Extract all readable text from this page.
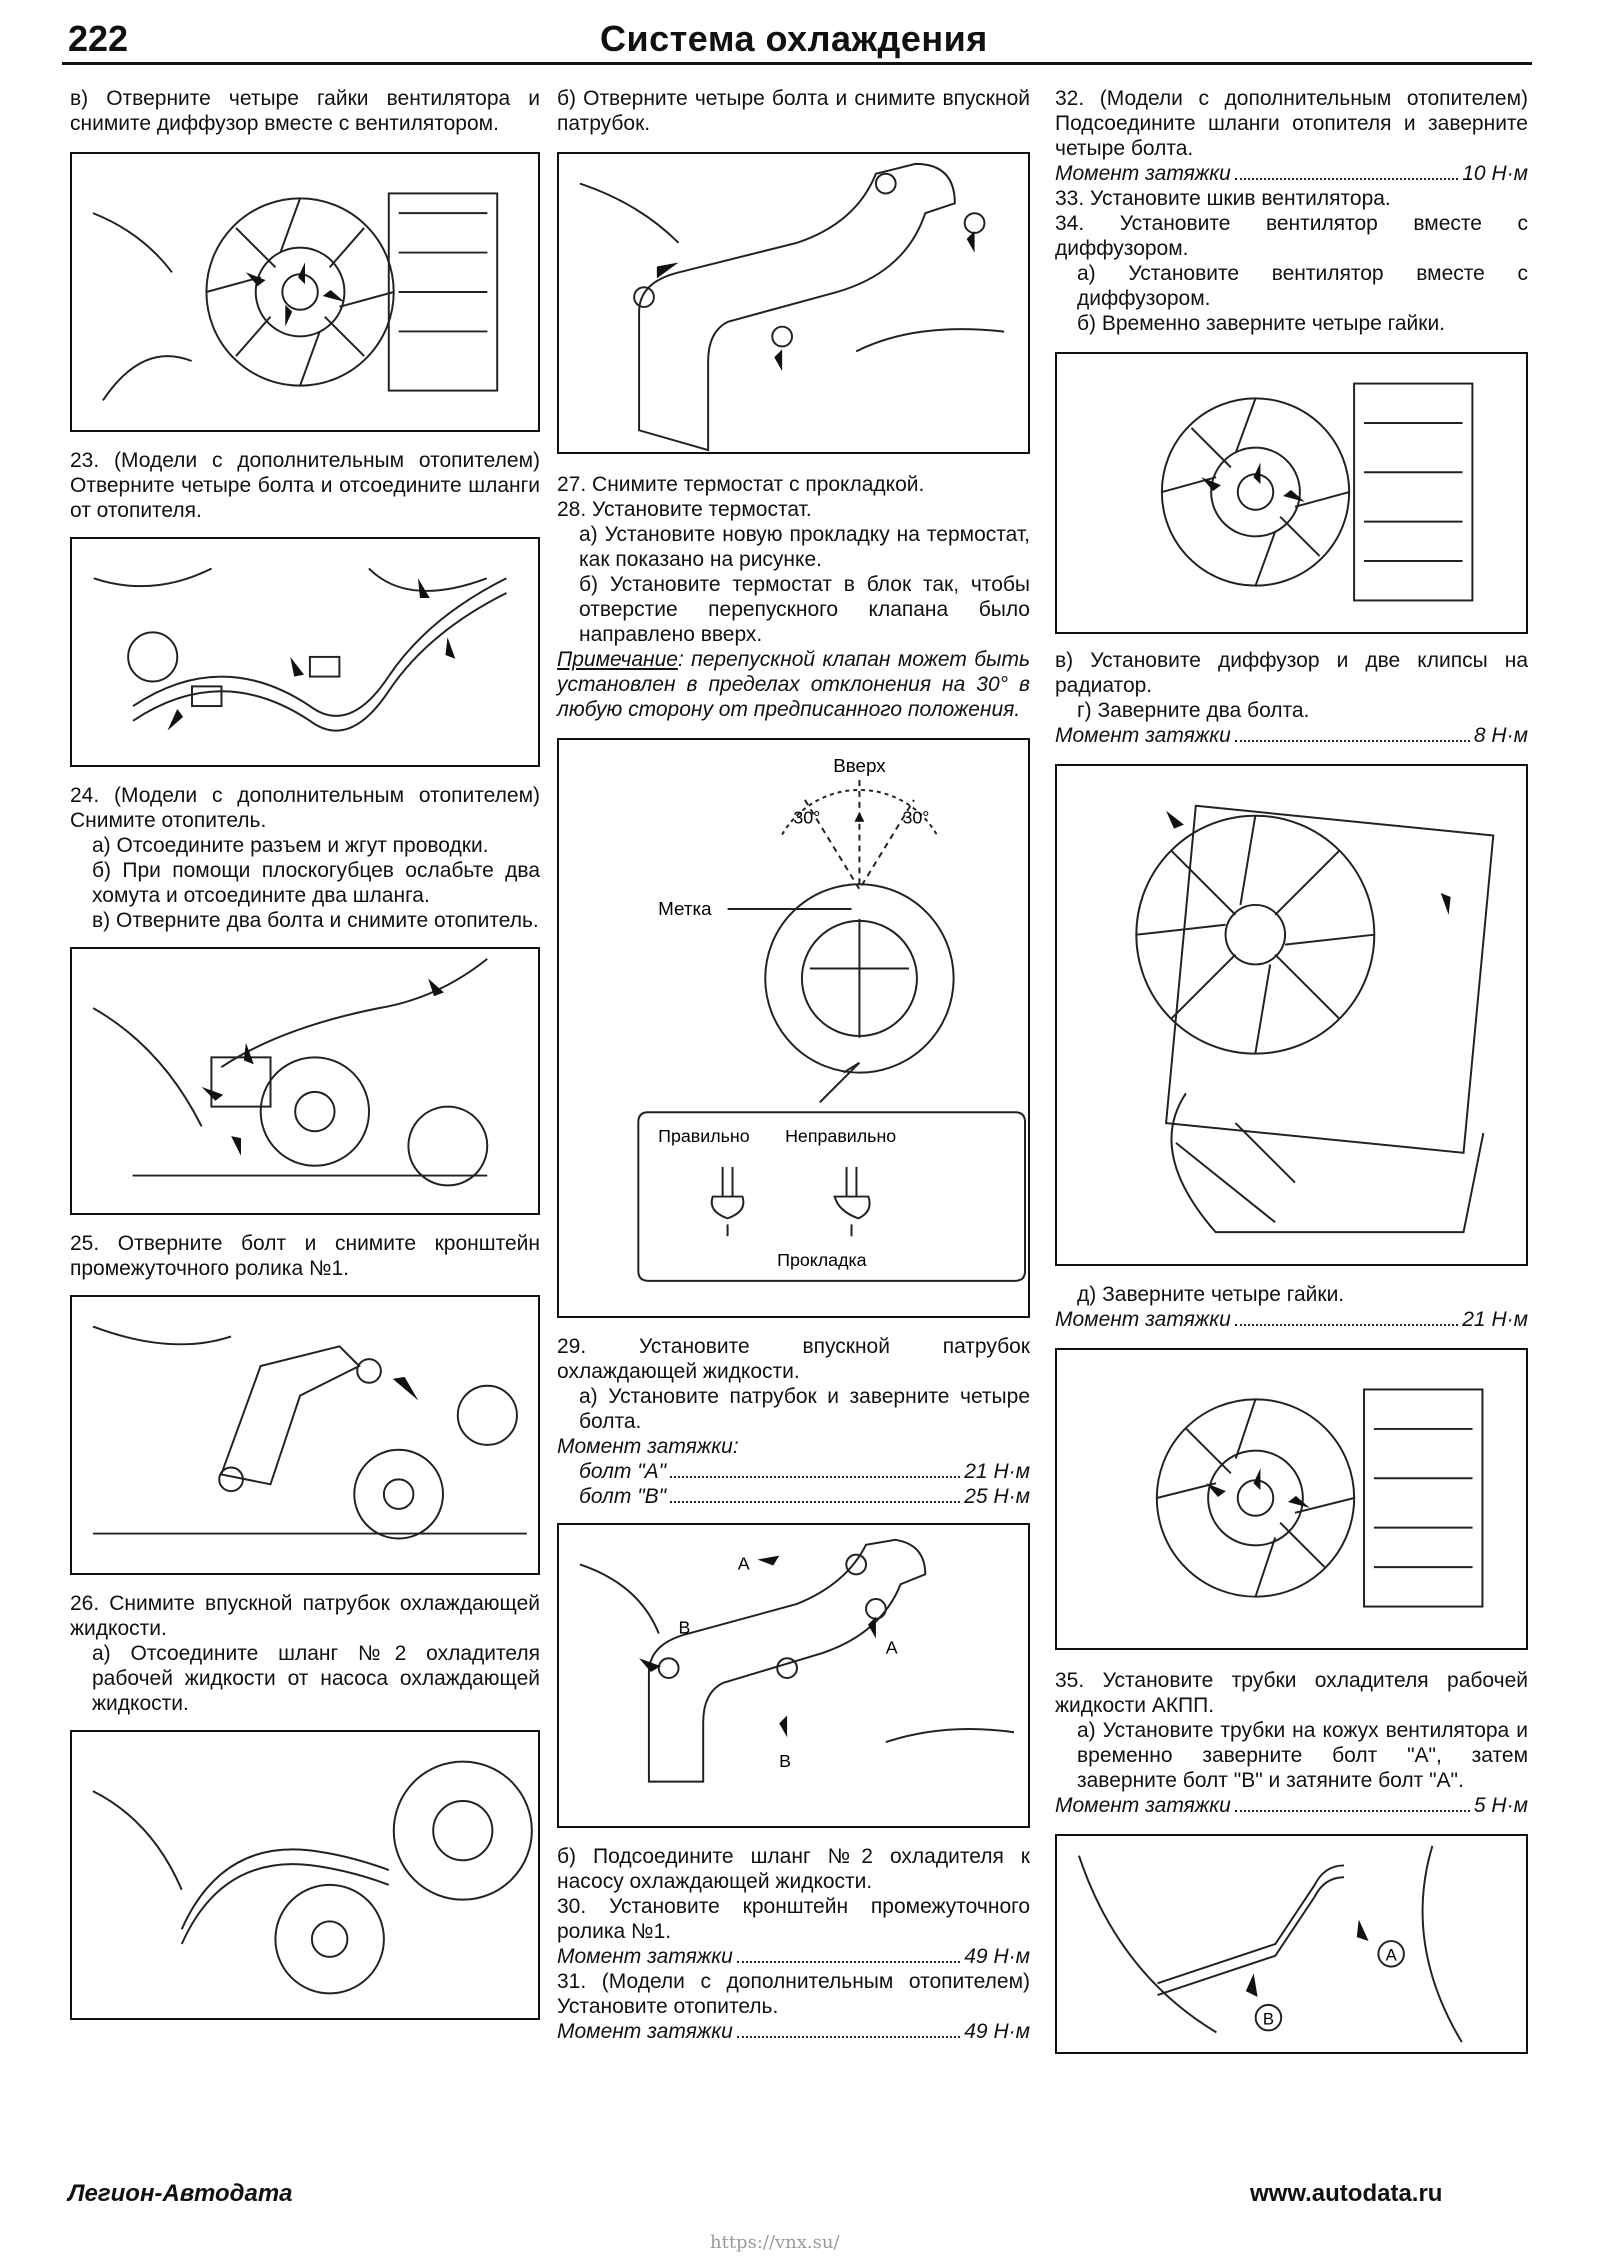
222	Система охлаждения

в) Отверните четыре гайки вентилятора и снимите диффузор вместе с вентилятором.

23. (Модели с дополнительным отопителем) Отверните четыре болта и отсоедините шланги от отопителя.

24. (Модели с дополнительным отопителем) Снимите отопитель.

а) Отсоедините разъем и жгут проводки.

б) При помощи плоскогубцев ослабьте два хомута и отсоедините два шланга.

в) Отверните два болта и снимите отопитель.

25. Отверните болт и снимите кронштейн промежуточного ролика №1.

26. Снимите впускной патрубок охлаждающей жидкости.

а) Отсоедините шланг №2 охладителя рабочей жидкости от насоса охлаждающей жидкости.

б) Отверните четыре болта и снимите впускной патрубок.

27. Снимите термостат с прокладкой.

28. Установите термостат.

а) Установите новую прокладку на термостат, как показано на рисунке.

б) Установите термостат в блок так, чтобы отверстие перепускного клапана было направлено вверх.

Примечание: перепускной клапан может быть установлен в пределах отклонения на 30° в любую сторону от предписанного положения.

Вверх
30°	30°
Метка
Правильно Неправильно
Прокладка

29. Установите впускной патрубок охлаждающей жидкости.

а) Установите патрубок и заверните четыре болта.

Момент затяжки:

болт "А"	21 Н·м
болт "В"	25 Н·м
A
B
A
B

б) Подсоедините шланг №2 охладителя к насосу охлаждающей жидкости.

30. Установите кронштейн промежуточного ролика №1.

Момент затяжки	49 Н·м

31. (Модели с дополнительным отопителем) Установите отопитель.

Момент затяжки	49 Н·м

32. (Модели с дополнительным отопителем) Подсоедините шланги отопителя и заверните четыре болта.

Момент затяжки	10 Н·м

33. Установите шкив вентилятора.

34. Установите вентилятор вместе с диффузором.

а) Установите вентилятор вместе с диффузором.

б) Временно заверните четыре гайки.

в) Установите диффузор и две клипсы на радиатор.

г) Заверните два болта.

Момент затяжки	8 Н·м

д) Заверните четыре гайки.

Момент затяжки	21 Н·м

35. Установите трубки охладителя рабочей жидкости АКПП.

а) Установите трубки на кожух вентилятора и временно заверните болт "А", затем заверните болт "В" и затяните болт "А".

Момент затяжки	5 Н·м
A
B
Легион-Автодата	www.autodata.ru
https://vnx.su/
